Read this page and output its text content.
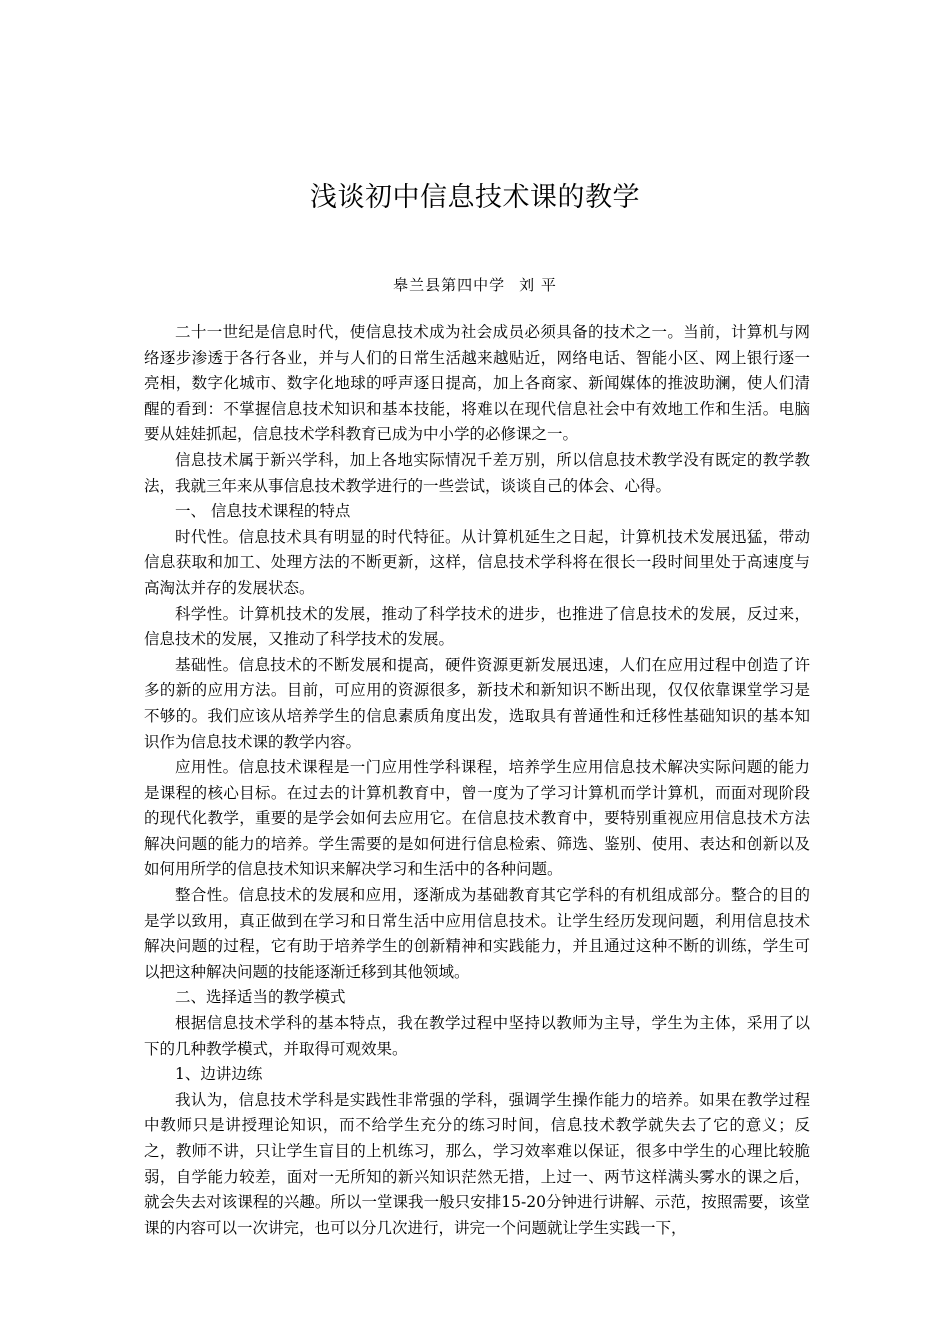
浅谈初中信息技术课的教学
皋兰县第四中学 刘 平

二十一世纪是信息时代，使信息技术成为社会成员必须具备的技术之一。当前，计算机与网络逐步渗透于各行各业，并与人们的日常生活越来越贴近，网络电话、智能小区、网上银行逐一亮相，数字化城市、数字化地球的呼声逐日提高，加上各商家、新闻媒体的推波助澜，使人们清醒的看到：不掌握信息技术知识和基本技能，将难以在现代信息社会中有效地工作和生活。电脑要从娃娃抓起，信息技术学科教育已成为中小学的必修课之一。

信息技术属于新兴学科，加上各地实际情况千差万别，所以信息技术教学没有既定的教学教法，我就三年来从事信息技术教学进行的一些尝试，谈谈自己的体会、心得。

一、 信息技术课程的特点

时代性。信息技术具有明显的时代特征。从计算机延生之日起，计算机技术发展迅猛，带动信息获取和加工、处理方法的不断更新，这样，信息技术学科将在很长一段时间里处于高速度与高淘汰并存的发展状态。

科学性。计算机技术的发展，推动了科学技术的进步，也推进了信息技术的发展，反过来，信息技术的发展，又推动了科学技术的发展。

基础性。信息技术的不断发展和提高，硬件资源更新发展迅速，人们在应用过程中创造了许多的新的应用方法。目前，可应用的资源很多，新技术和新知识不断出现，仅仅依靠课堂学习是不够的。我们应该从培养学生的信息素质角度出发，选取具有普通性和迁移性基础知识的基本知识作为信息技术课的教学内容。

应用性。信息技术课程是一门应用性学科课程，培养学生应用信息技术解决实际问题的能力是课程的核心目标。在过去的计算机教育中，曾一度为了学习计算机而学计算机，而面对现阶段的现代化教学，重要的是学会如何去应用它。在信息技术教育中，要特别重视应用信息技术方法解决问题的能力的培养。学生需要的是如何进行信息检索、筛选、鉴别、使用、表达和创新以及如何用所学的信息技术知识来解决学习和生活中的各种问题。

整合性。信息技术的发展和应用，逐渐成为基础教育其它学科的有机组成部分。整合的目的是学以致用，真正做到在学习和日常生活中应用信息技术。让学生经历发现问题，利用信息技术解决问题的过程，它有助于培养学生的创新精神和实践能力，并且通过这种不断的训练，学生可以把这种解决问题的技能逐渐迁移到其他领域。

二、选择适当的教学模式

根据信息技术学科的基本特点，我在教学过程中坚持以教师为主导，学生为主体，采用了以下的几种教学模式，并取得可观效果。

1、边讲边练

我认为，信息技术学科是实践性非常强的学科，强调学生操作能力的培养。如果在教学过程中教师只是讲授理论知识，而不给学生充分的练习时间，信息技术教学就失去了它的意义；反之，教师不讲，只让学生盲目的上机练习，那么，学习效率难以保证，很多中学生的心理比较脆弱，自学能力较差，面对一无所知的新兴知识茫然无措，上过一、两节这样满头雾水的课之后，就会失去对该课程的兴趣。所以一堂课我一般只安排15-20分钟进行讲解、示范，按照需要，该堂课的内容可以一次讲完，也可以分几次进行，讲完一个问题就让学生实践一下，
